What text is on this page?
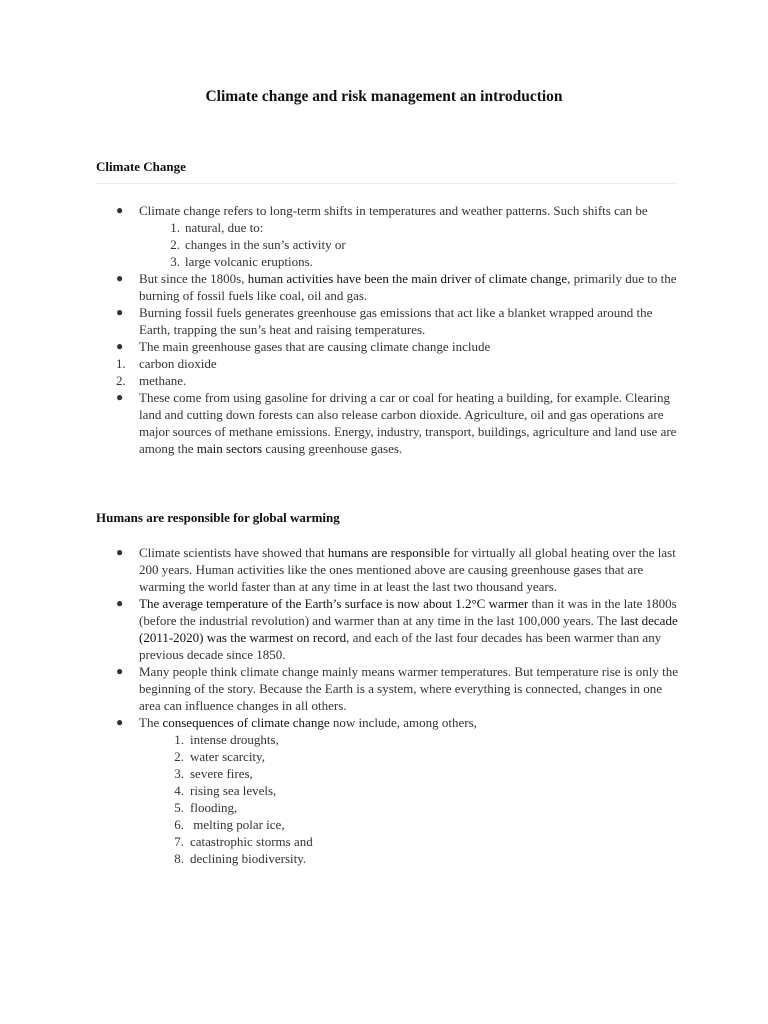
Climate change and risk management an introduction
Climate Change
● Climate change refers to long-term shifts in temperatures and weather patterns. Such shifts can be
1. natural, due to:
2. changes in the sun’s activity or
3. large volcanic eruptions.
● But since the 1800s, human activities have been the main driver of climate change, primarily due to the burning of fossil fuels like coal, oil and gas.
● Burning fossil fuels generates greenhouse gas emissions that act like a blanket wrapped around the Earth, trapping the sun’s heat and raising temperatures.
● The main greenhouse gases that are causing climate change include
1. carbon dioxide
2. methane.
● These come from using gasoline for driving a car or coal for heating a building, for example. Clearing land and cutting down forests can also release carbon dioxide. Agriculture, oil and gas operations are major sources of methane emissions. Energy, industry, transport, buildings, agriculture and land use are among the main sectors causing greenhouse gases.
Humans are responsible for global warming
● Climate scientists have showed that humans are responsible for virtually all global heating over the last 200 years. Human activities like the ones mentioned above are causing greenhouse gases that are warming the world faster than at any time in at least the last two thousand years.
● The average temperature of the Earth’s surface is now about 1.2°C warmer than it was in the late 1800s (before the industrial revolution) and warmer than at any time in the last 100,000 years. The last decade (2011-2020) was the warmest on record, and each of the last four decades has been warmer than any previous decade since 1850.
● Many people think climate change mainly means warmer temperatures. But temperature rise is only the beginning of the story. Because the Earth is a system, where everything is connected, changes in one area can influence changes in all others.
● The consequences of climate change now include, among others,
1. intense droughts,
2. water scarcity,
3. severe fires,
4. rising sea levels,
5. flooding,
6. melting polar ice,
7. catastrophic storms and
8. declining biodiversity.
